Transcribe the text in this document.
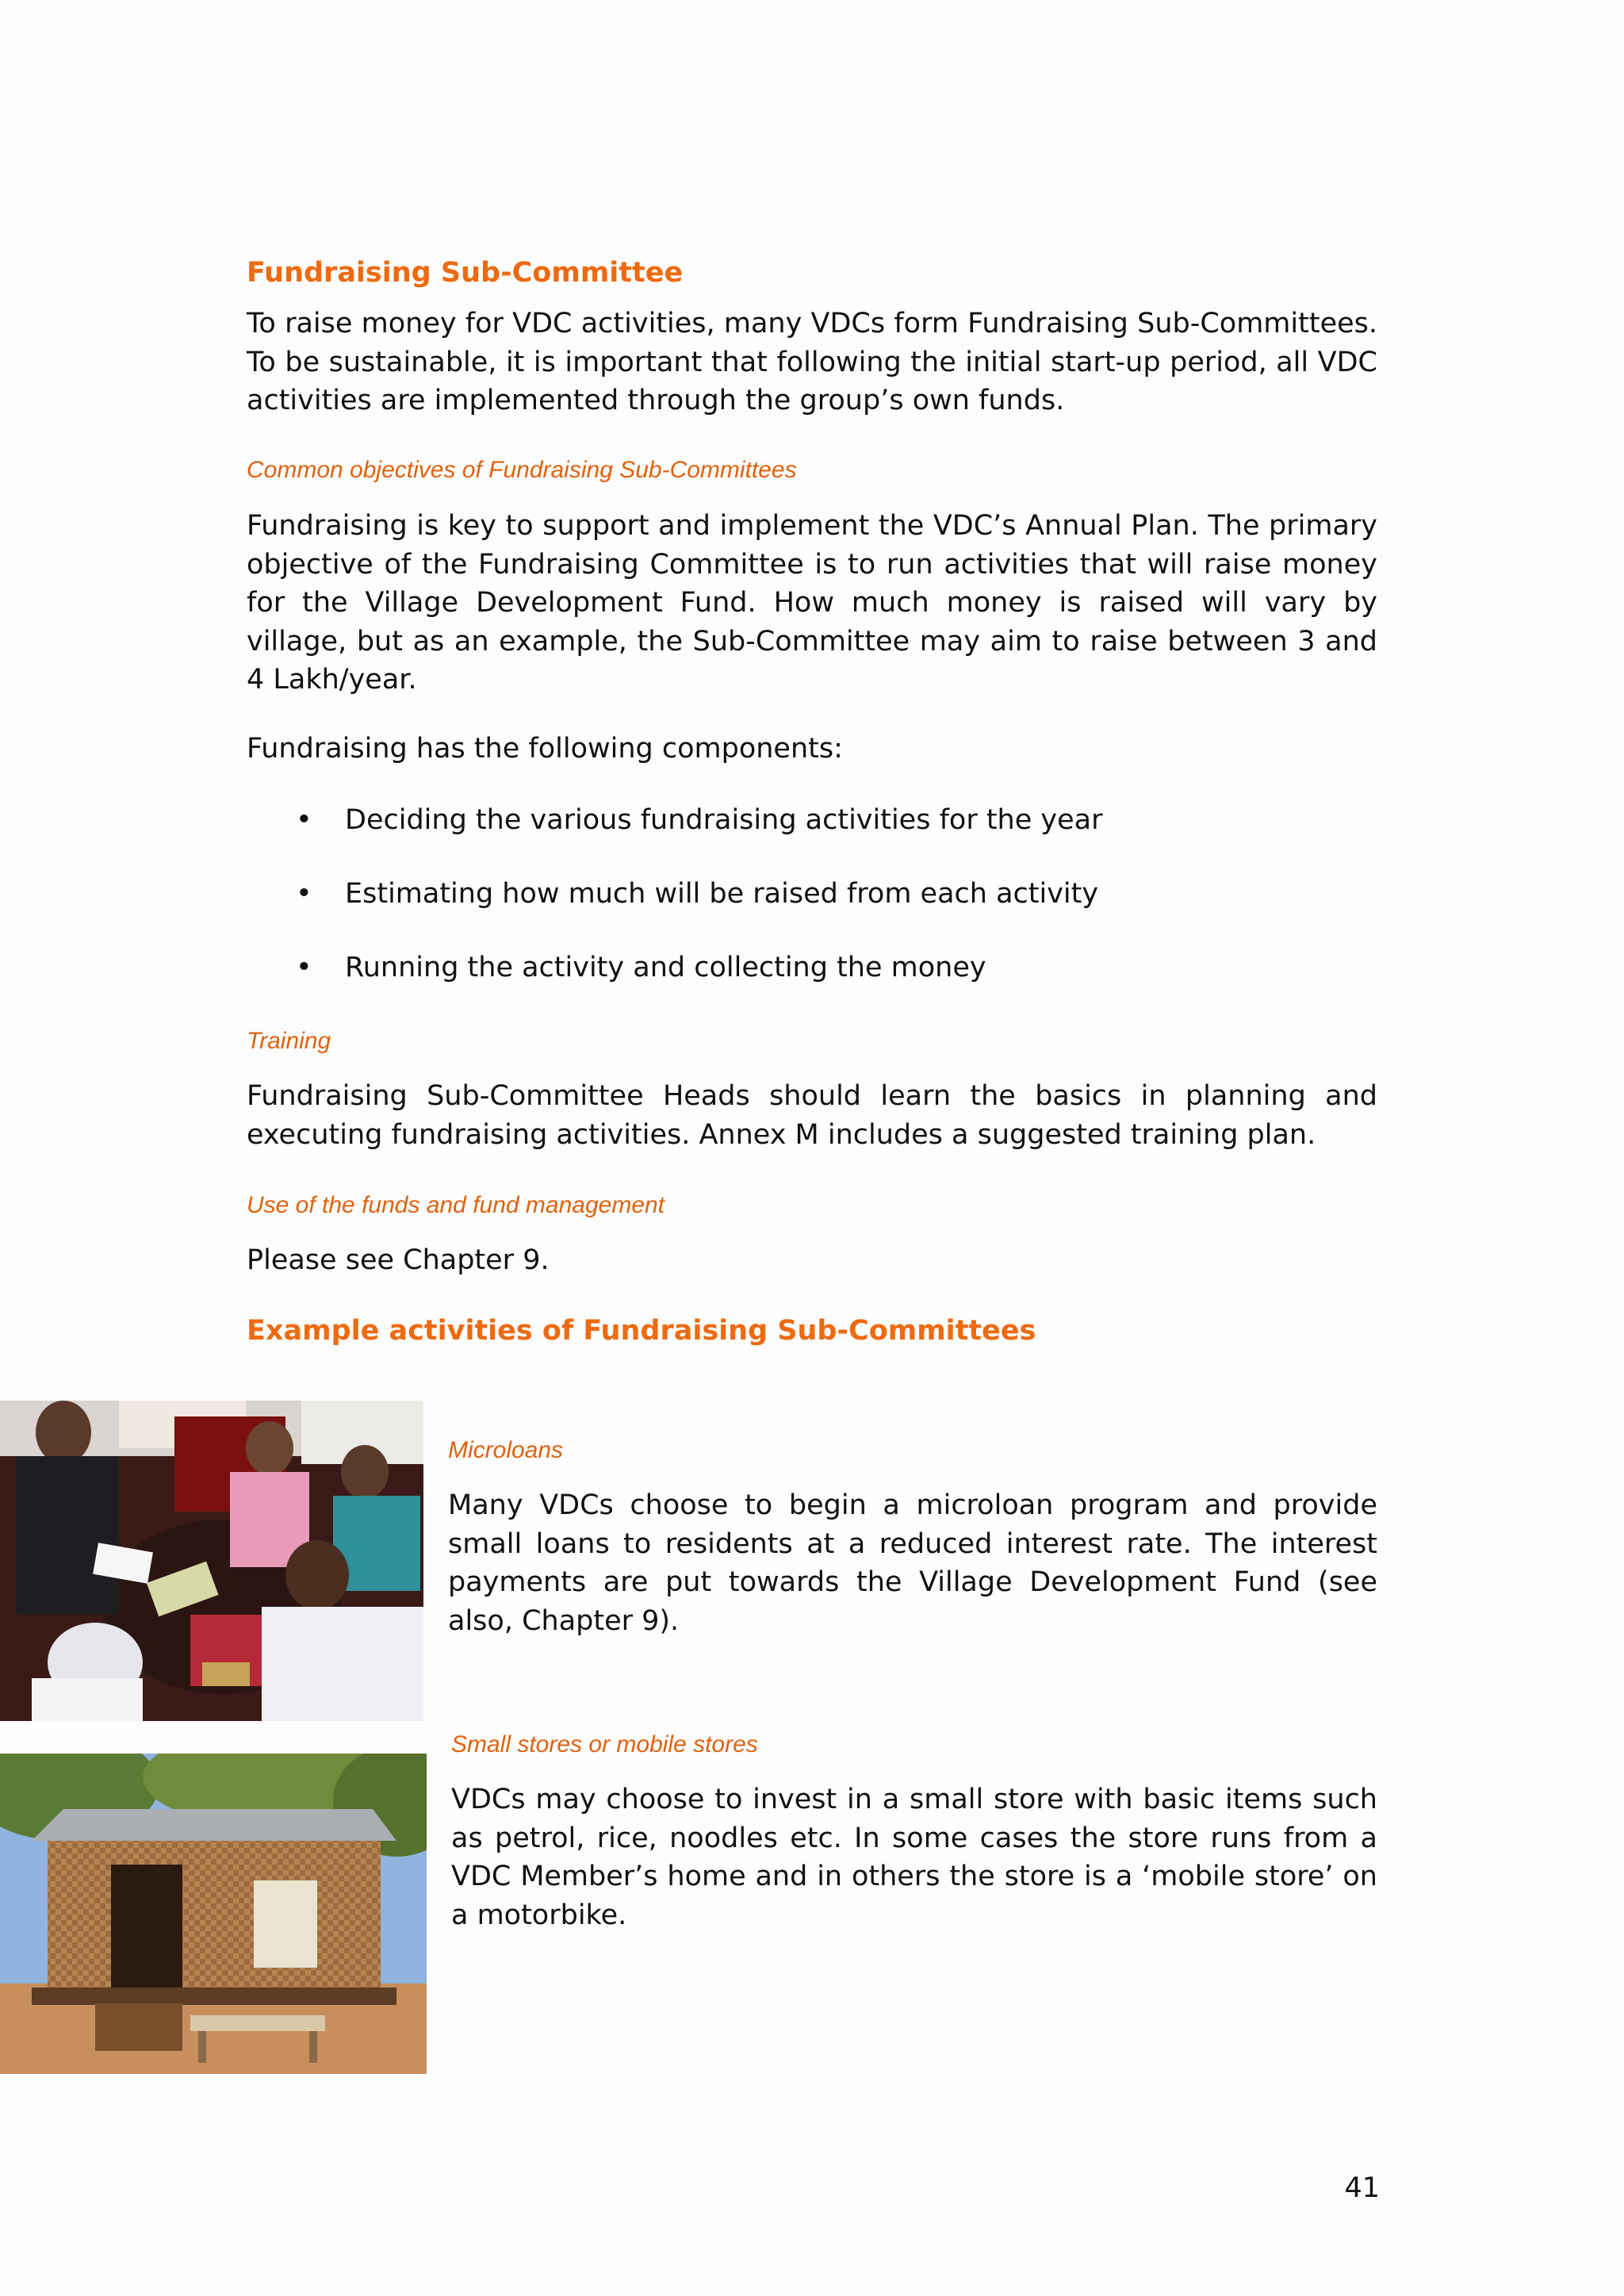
Fundraising Sub-Committee

To raise money for VDC activities, many VDCs form Fundraising Sub-Committees. To be sustainable, it is important that following the initial start-up period, all VDC activities are implemented through the group’s own funds.

Common objectives of Fundraising Sub-Committees

Fundraising is key to support and implement the VDC’s Annual Plan. The primary objective of the Fundraising Committee is to run activities that will raise money for the Village Development Fund. How much money is raised will vary by village, but as an example, the Sub-Committee may aim to raise between 3 and 4 Lakh/year.

Fundraising has the following components:

• Deciding the various fundraising activities for the year
• Estimating how much will be raised from each activity
• Running the activity and collecting the money
Training

Fundraising Sub-Committee Heads should learn the basics in planning and executing fundraising activities. Annex M includes a suggested training plan.

Use of the funds and fund management

Please see Chapter 9.

Example activities of Fundraising Sub-Committees
Microloans

Many VDCs choose to begin a microloan program and provide small loans to residents at a reduced interest rate. The interest payments are put towards the Village Development Fund (see also, Chapter 9).

Small stores or mobile stores

VDCs may choose to invest in a small store with basic items such as petrol, rice, noodles etc. In some cases the store runs from a VDC Member’s home and in others the store is a ‘mobile store’ on a motorbike.

41
